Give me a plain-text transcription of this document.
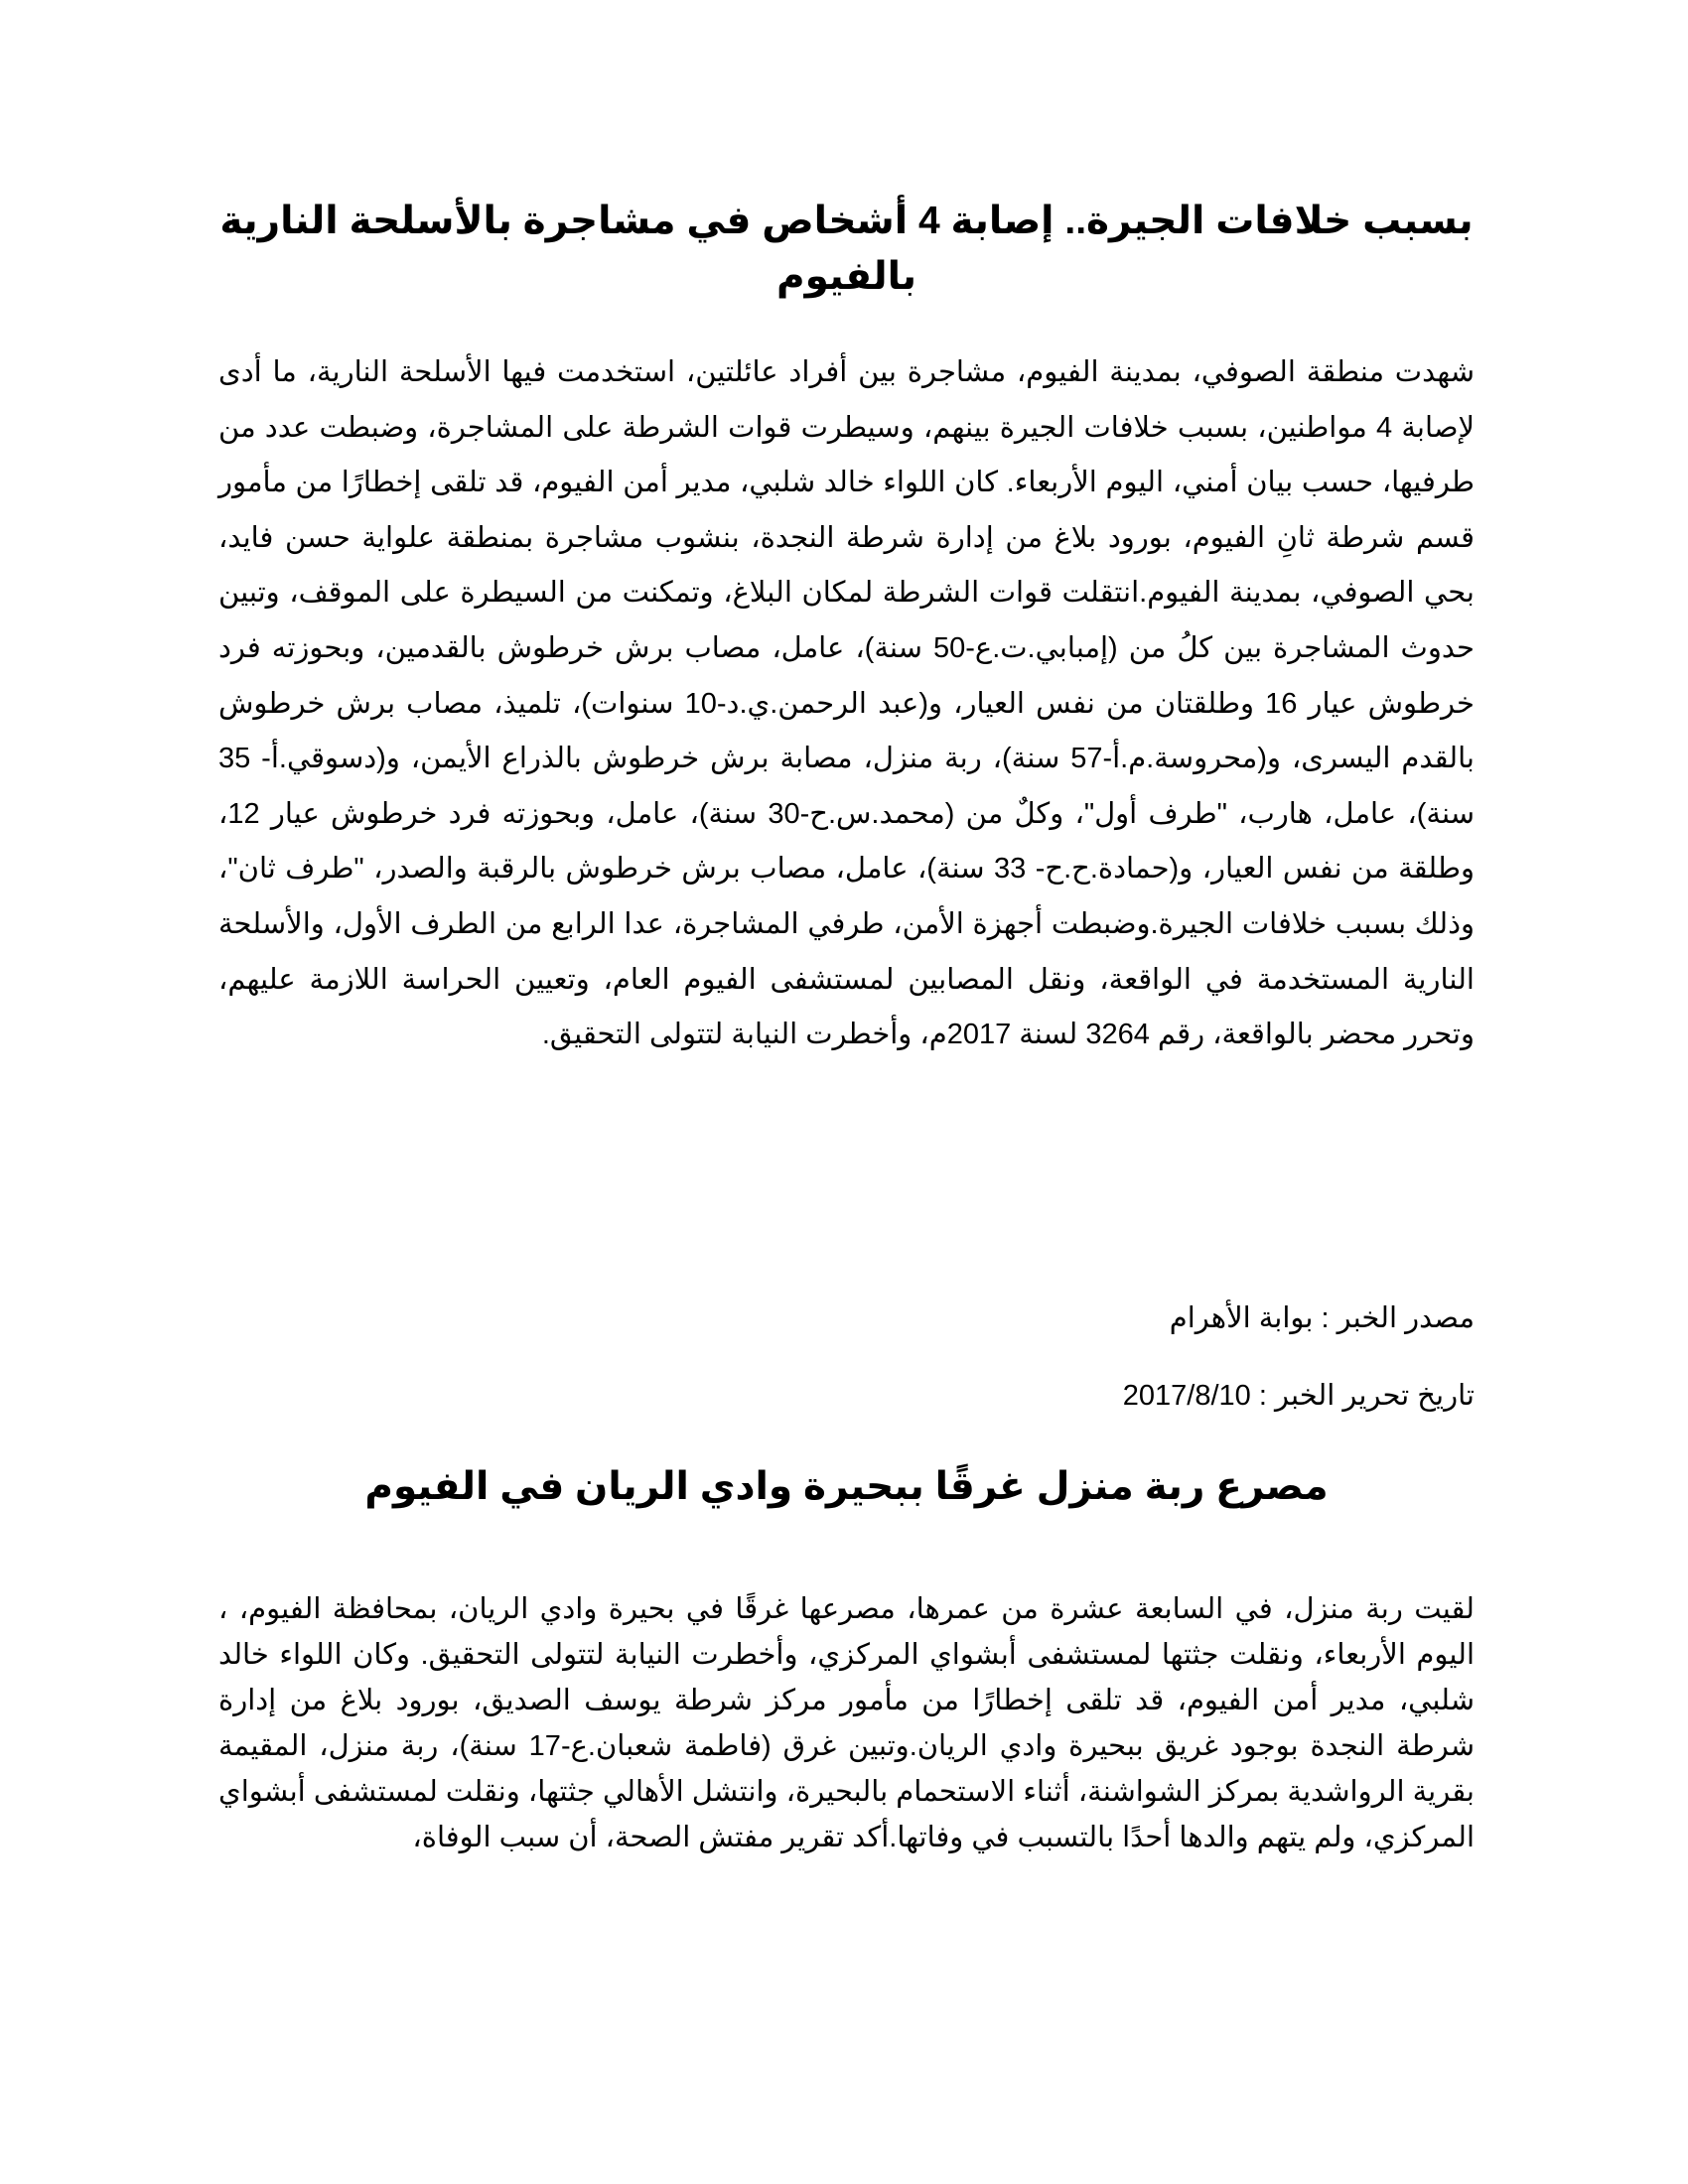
بسبب خلافات الجيرة.. إصابة 4 أشخاص في مشاجرة بالأسلحة النارية بالفيوم

شهدت منطقة الصوفي، بمدينة الفيوم، مشاجرة بين أفراد عائلتين، استخدمت فيها الأسلحة النارية، ما أدى لإصابة 4 مواطنين، بسبب خلافات الجيرة بينهم، وسيطرت قوات الشرطة على المشاجرة، وضبطت عدد من طرفيها، حسب بيان أمني، اليوم الأربعاء. كان اللواء خالد شلبي، مدير أمن الفيوم، قد تلقى إخطارًا من مأمور قسم شرطة ثانِ الفيوم، بورود بلاغ من إدارة شرطة النجدة، بنشوب مشاجرة بمنطقة علواية حسن فايد، بحي الصوفي، بمدينة الفيوم.انتقلت قوات الشرطة لمكان البلاغ، وتمكنت من السيطرة على الموقف، وتبين حدوث المشاجرة بين كلُ من (إمبابي.ت.ع-50 سنة)، عامل، مصاب برش خرطوش بالقدمين، وبحوزته فرد خرطوش عيار 16 وطلقتان من نفس العيار، و(عبد الرحمن.ي.د-10 سنوات)، تلميذ، مصاب برش خرطوش بالقدم اليسرى، و(محروسة.م.أ-57 سنة)، ربة منزل، مصابة برش خرطوش بالذراع الأيمن، و(دسوقي.أ- 35 سنة)، عامل، هارب، "طرف أول"، وكلٌ من (محمد.س.ح-30 سنة)، عامل، وبحوزته فرد خرطوش عيار 12، وطلقة من نفس العيار، و(حمادة.ح.ح- 33 سنة)، عامل، مصاب برش خرطوش بالرقبة والصدر، "طرف ثان"، وذلك بسبب خلافات الجيرة.وضبطت أجهزة الأمن، طرفي المشاجرة، عدا الرابع من الطرف الأول، والأسلحة النارية المستخدمة في الواقعة، ونقل المصابين لمستشفى الفيوم العام، وتعيين الحراسة اللازمة عليهم، وتحرر محضر بالواقعة، رقم 3264 لسنة 2017م، وأخطرت النيابة لتتولى التحقيق.

مصدر الخبر : بوابة الأهرام

تاريخ تحرير الخبر : 2017/8/10

مصرع ربة منزل غرقًا ببحيرة وادي الريان في الفيوم

لقيت ربة منزل، في السابعة عشرة من عمرها، مصرعها غرقًا في بحيرة وادي الريان، بمحافظة الفيوم، ، اليوم الأربعاء، ونقلت جثتها لمستشفى أبشواي المركزي، وأخطرت النيابة لتتولى التحقيق. وكان اللواء خالد شلبي، مدير أمن الفيوم، قد تلقى إخطارًا من مأمور مركز شرطة يوسف الصديق، بورود بلاغ من إدارة شرطة النجدة بوجود غريق ببحيرة وادي الريان.وتبين غرق (فاطمة شعبان.ع-17 سنة)، ربة منزل، المقيمة بقرية الرواشدية بمركز الشواشنة، أثناء الاستحمام بالبحيرة، وانتشل الأهالي جثتها، ونقلت لمستشفى أبشواي المركزي، ولم يتهم والدها أحدًا بالتسبب في وفاتها.أكد تقرير مفتش الصحة، أن سبب الوفاة،
